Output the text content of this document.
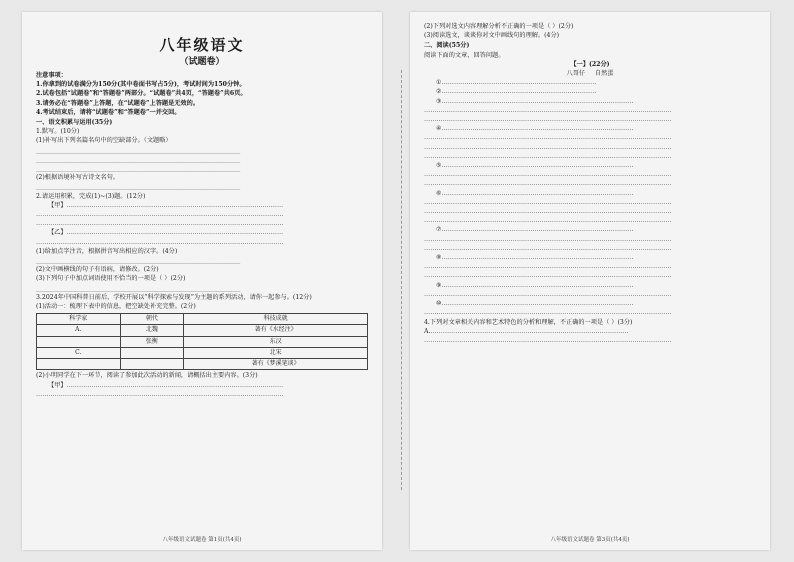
八年级语文
（试题卷）
注意事项：
1.你拿到的试卷满分为150分(其中卷面书写占5分)，考试时间为150分钟。
2.试卷包括“试题卷”和“答题卷”两部分。“试题卷”共4页，“答题卷”共6页。
3.请务必在“答题卷”上答题，在“试题卷”上答题是无效的。
4.考试结束后，请将“试题卷”和“答题卷”一并交回。
一、语文积累与运用(35分)
1.默写。(10分)
(1)补写出下列名篇名句中的空缺部分。（文题略）
__________________________________________________________________
__________________________________________________________________
__________________________________________________________________
(2)根据语境补写古诗文名句。
__________________________________________________________________
2.请运用积累，完成(1)~(3)题。(12分)
【甲】……………………………………………………………………………………………
…………………………………………………………………………………………………………
…………………………………………………………………………………………………………
【乙】……………………………………………………………………………………………
…………………………………………………………………………………………………………
(1)给加点字注音，根据拼音写出相应的汉字。(4分)
__________________________________________________________________
(2)文中画横线的句子有语病，请修改。(2分)
(3)下列句子中加点词语使用不恰当的一项是（ ）(2分)
__________________________________________________________________
3.2024年中国科普日前后，学校开展以“科学探索与发现”为主题的系列活动，请你一起参与。(12分)
(1)活动一：梳理下表中的信息，把空缺处补充完整。(2分)
科学家	朝代	科技成就
A.	北魏	著有《水经注》
	张衡	东汉
C.		北宋
		著有《梦溪笔谈》
(2)小明同学在下一环节，阅读了参加此次活动的新闻，请概括出主要内容。(3分)
【甲】……………………………………………………………………………………………
…………………………………………………………………………………………………………
八年级语文试题卷 第1页(共4页)
(2)下列对选文内容理解分析不正确的一项是（ ）(2分)
(3)阅读选文，谈谈你对文中画线句的理解。(4分)
二、阅读(55分)
阅读下面的文章，回答问题。
【一】(22分)
八哥仔 自然蛋
①…………………………………………………………………
②…………………………………………………………………
③…………………………………………………………………………………
…………………………………………………………………………………………………………
…………………………………………………………………………………………………………
④…………………………………………………………………………………
…………………………………………………………………………………………………………
…………………………………………………………………………………………………………
…………………………………………………………………………………………………………
⑤…………………………………………………………………………………
…………………………………………………………………………………………………………
…………………………………………………………………………………………………………
⑥…………………………………………………………………………………
…………………………………………………………………………………………………………
…………………………………………………………………………………………………………
…………………………………………………………………………………………………………
⑦…………………………………………………………………………………
…………………………………………………………………………………………………………
…………………………………………………………………………………………………………
⑧…………………………………………………………………………………
…………………………………………………………………………………………………………
…………………………………………………………………………………………………………
⑨…………………………………………………………………………………
…………………………………………………………………………………………………………
⑩…………………………………………………………………………………
…………………………………………………………………………………………………………
4.下列对文章相关内容和艺术特色的分析和理解，不正确的一项是（ ）(3分)
A.……………………………………………………………………………………
…………………………………………………………………………………………………………
八年级语文试题卷 第3页(共4页)
